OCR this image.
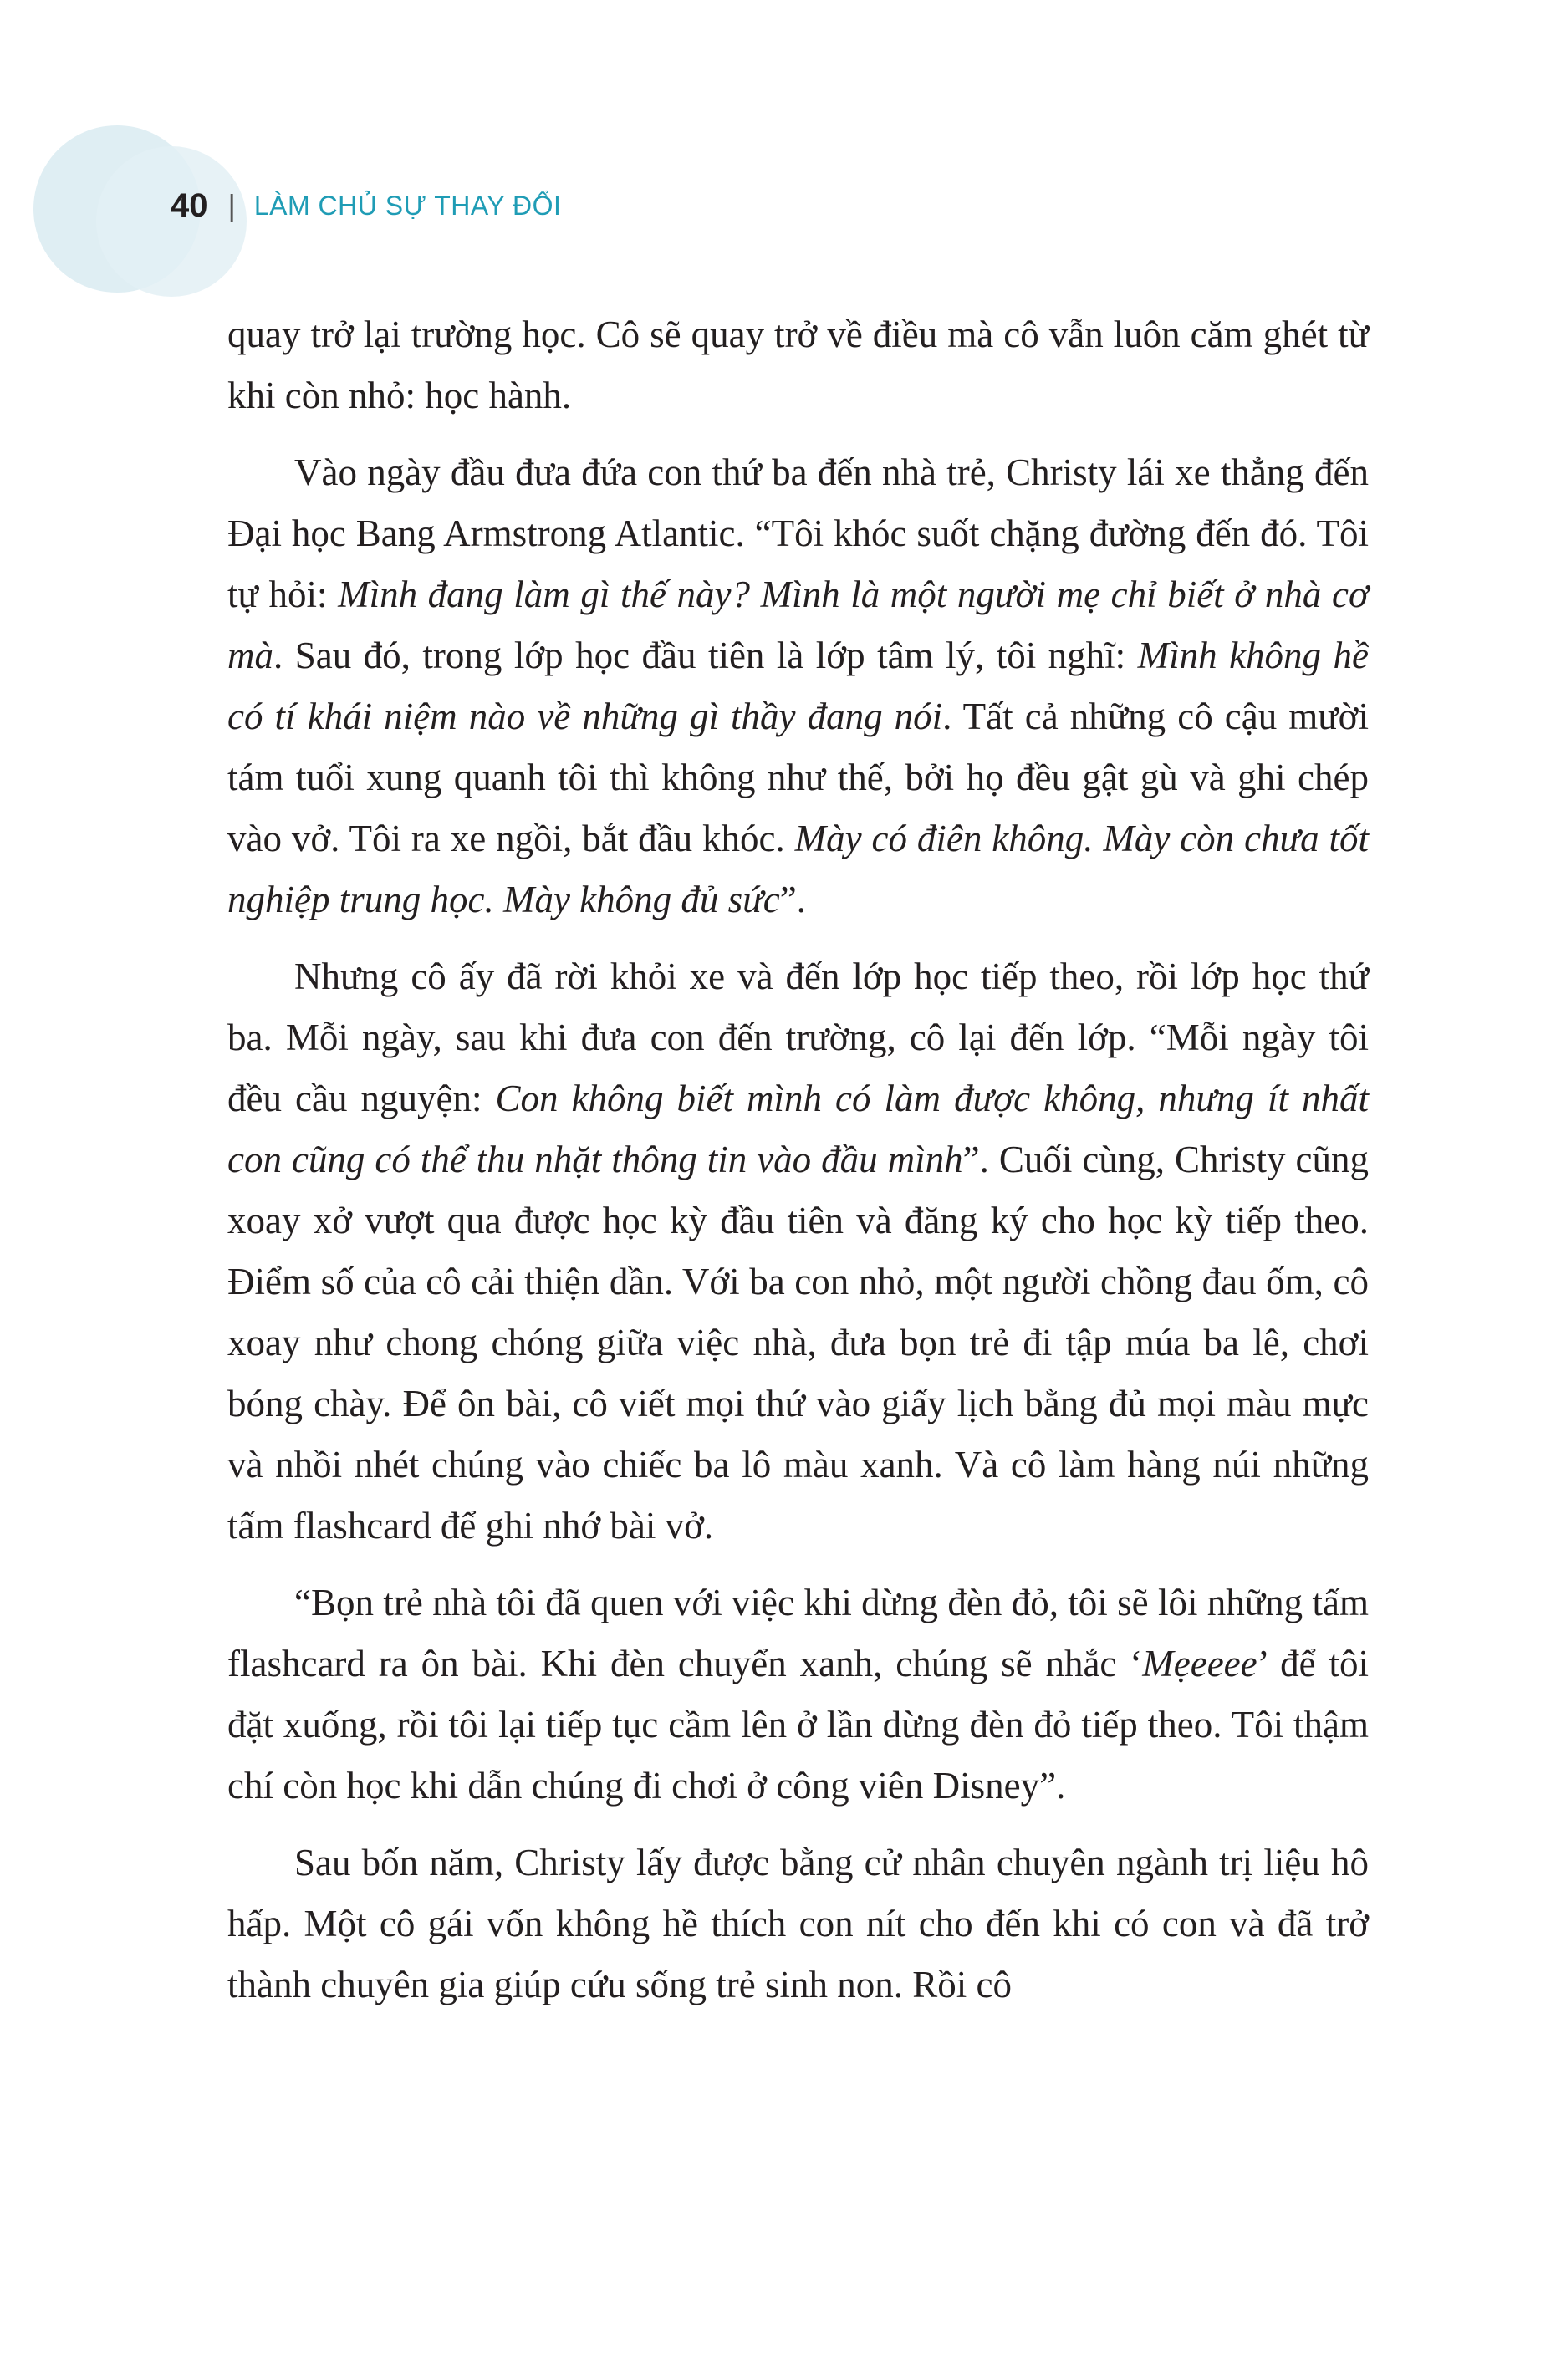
40 | LÀM CHỦ SỰ THAY ĐỔI

quay trở lại trường học. Cô sẽ quay trở về điều mà cô vẫn luôn căm ghét từ khi còn nhỏ: học hành.

Vào ngày đầu đưa đứa con thứ ba đến nhà trẻ, Christy lái xe thẳng đến Đại học Bang Armstrong Atlantic. “Tôi khóc suốt chặng đường đến đó. Tôi tự hỏi: Mình đang làm gì thế này? Mình là một người mẹ chỉ biết ở nhà cơ mà. Sau đó, trong lớp học đầu tiên là lớp tâm lý, tôi nghĩ: Mình không hề có tí khái niệm nào về những gì thầy đang nói. Tất cả những cô cậu mười tám tuổi xung quanh tôi thì không như thế, bởi họ đều gật gù và ghi chép vào vở. Tôi ra xe ngồi, bắt đầu khóc. Mày có điên không. Mày còn chưa tốt nghiệp trung học. Mày không đủ sức”.

Nhưng cô ấy đã rời khỏi xe và đến lớp học tiếp theo, rồi lớp học thứ ba. Mỗi ngày, sau khi đưa con đến trường, cô lại đến lớp. “Mỗi ngày tôi đều cầu nguyện: Con không biết mình có làm được không, nhưng ít nhất con cũng có thể thu nhặt thông tin vào đầu mình”. Cuối cùng, Christy cũng xoay xở vượt qua được học kỳ đầu tiên và đăng ký cho học kỳ tiếp theo. Điểm số của cô cải thiện dần. Với ba con nhỏ, một người chồng đau ốm, cô xoay như chong chóng giữa việc nhà, đưa bọn trẻ đi tập múa ba lê, chơi bóng chày. Để ôn bài, cô viết mọi thứ vào giấy lịch bằng đủ mọi màu mực và nhồi nhét chúng vào chiếc ba lô màu xanh. Và cô làm hàng núi những tấm flashcard để ghi nhớ bài vở.

“Bọn trẻ nhà tôi đã quen với việc khi dừng đèn đỏ, tôi sẽ lôi những tấm flashcard ra ôn bài. Khi đèn chuyển xanh, chúng sẽ nhắc ‘Mẹeeee’ để tôi đặt xuống, rồi tôi lại tiếp tục cầm lên ở lần dừng đèn đỏ tiếp theo. Tôi thậm chí còn học khi dẫn chúng đi chơi ở công viên Disney”.

Sau bốn năm, Christy lấy được bằng cử nhân chuyên ngành trị liệu hô hấp. Một cô gái vốn không hề thích con nít cho đến khi có con và đã trở thành chuyên gia giúp cứu sống trẻ sinh non. Rồi cô
